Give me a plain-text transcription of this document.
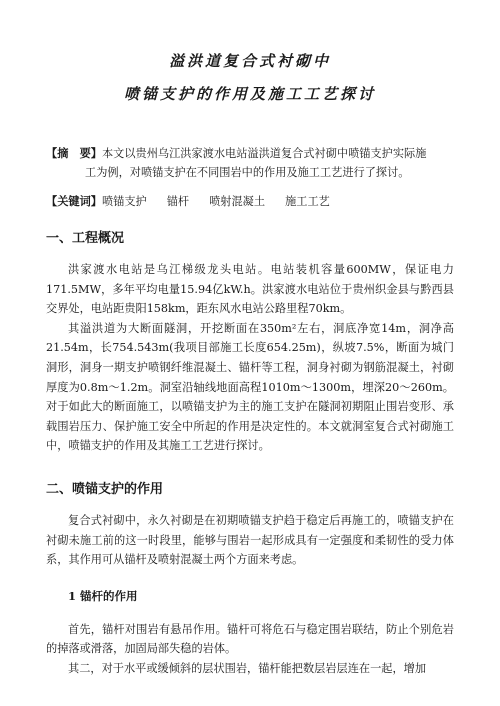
溢洪道复合式衬砌中

喷锚支护的作用及施工工艺探讨

【摘　要】本文以贵州乌江洪家渡水电站溢洪道复合式衬砌中喷锚支护实际施
工为例，对喷锚支护在不同围岩中的作用及施工工艺进行了探讨。
【关键词】喷锚支护 锚杆 喷射混凝土 施工工艺

一、工程概况

洪家渡水电站是乌江梯级龙头电站。电站装机容量600MW，保证电力171.5MW，多年平均电量15.94亿kW.h。洪家渡水电站位于贵州织金县与黔西县交界处，电站距贵阳158km，距东风水电站公路里程70km。

其溢洪道为大断面隧洞，开挖断面在350m²左右，洞底净宽14m，洞净高21.54m，长754.543m(我项目部施工长度654.25m)，纵坡7.5%，断面为城门洞形，洞身一期支护喷钢纤维混凝土、锚杆等工程，洞身衬砌为钢筋混凝土，衬砌厚度为0.8m～1.2m。洞室沿轴线地面高程1010m～1300m，埋深20～260m。对于如此大的断面施工，以喷锚支护为主的施工支护在隧洞初期阻止围岩变形、承载围岩压力、保护施工安全中所起的作用是决定性的。本文就洞室复合式衬砌施工中，喷锚支护的作用及其施工工艺进行探讨。

二、喷锚支护的作用

复合式衬砌中，永久衬砌是在初期喷锚支护趋于稳定后再施工的，喷锚支护在衬砌未施工前的这一时段里，能够与围岩一起形成具有一定强度和柔韧性的受力体系，其作用可从锚杆及喷射混凝土两个方面来考虑。

1 锚杆的作用

首先，锚杆对围岩有悬吊作用。锚杆可将危石与稳定围岩联结，防止个别危岩的掉落或滑落，加固局部失稳的岩体。

其二，对于水平或缓倾斜的层状围岩，锚杆能把数层岩层连在一起，增加
